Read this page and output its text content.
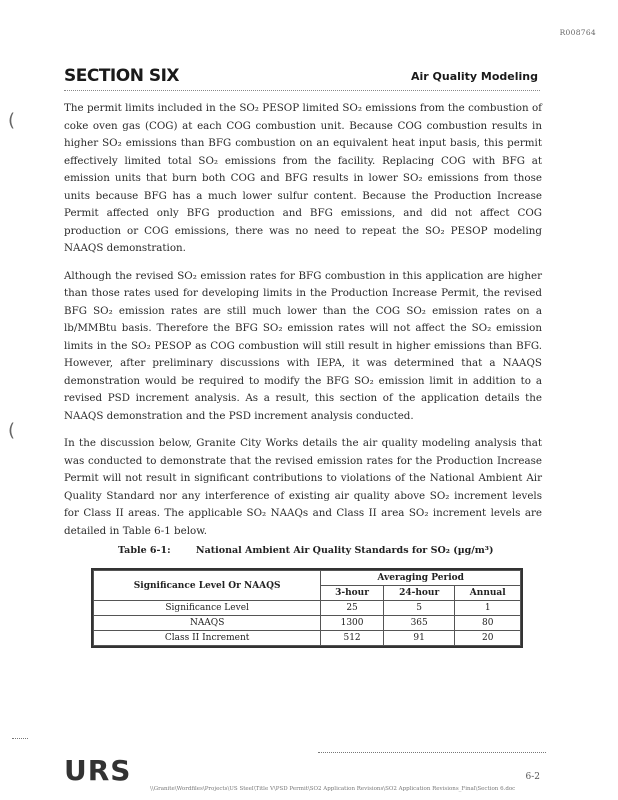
R008764
SECTION SIX	Air Quality Modeling
(
(

The permit limits included in the SO₂ PESOP limited SO₂ emissions from the combustion of coke oven gas (COG) at each COG combustion unit. Because COG combustion results in higher SO₂ emissions than BFG combustion on an equivalent heat input basis, this permit effectively limited total SO₂ emissions from the facility. Replacing COG with BFG at emission units that burn both COG and BFG results in lower SO₂ emissions from those units because BFG has a much lower sulfur content. Because the Production Increase Permit affected only BFG production and BFG emissions, and did not affect COG production or COG emissions, there was no need to repeat the SO₂ PESOP modeling NAAQS demonstration.

Although the revised SO₂ emission rates for BFG combustion in this application are higher than those rates used for developing limits in the Production Increase Permit, the revised BFG SO₂ emission rates are still much lower than the COG SO₂ emission rates on a lb/MMBtu basis. Therefore the BFG SO₂ emission rates will not affect the SO₂ emission limits in the SO₂ PESOP as COG combustion will still result in higher emissions than BFG. However, after preliminary discussions with IEPA, it was determined that a NAAQS demonstration would be required to modify the BFG SO₂ emission limit in addition to a revised PSD increment analysis. As a result, this section of the application details the NAAQS demonstration and the PSD increment analysis conducted.

In the discussion below, Granite City Works details the air quality modeling analysis that was conducted to demonstrate that the revised emission rates for the Production Increase Permit will not result in significant contributions to violations of the National Ambient Air Quality Standard nor any interference of existing air quality above SO₂ increment levels for Class II areas. The applicable SO₂ NAAQs and Class II area SO₂ increment levels are detailed in Table 6-1 below.

Table 6-1:	National Ambient Air Quality Standards for SO₂ (µg/m³)
Significance Level Or NAAQS	Averaging Period		
	3-hour	24-hour	Annual
Significance Level	25	5	1
NAAQS	1300	365	80
Class II Increment	512	91	20
URS	6-2
\\Granite\Wordfiles\Projects\US Steel\Title V\PSD Permit\SO2 Application Revisions\SO2 Application Revisions_Final\Section 6.doc
